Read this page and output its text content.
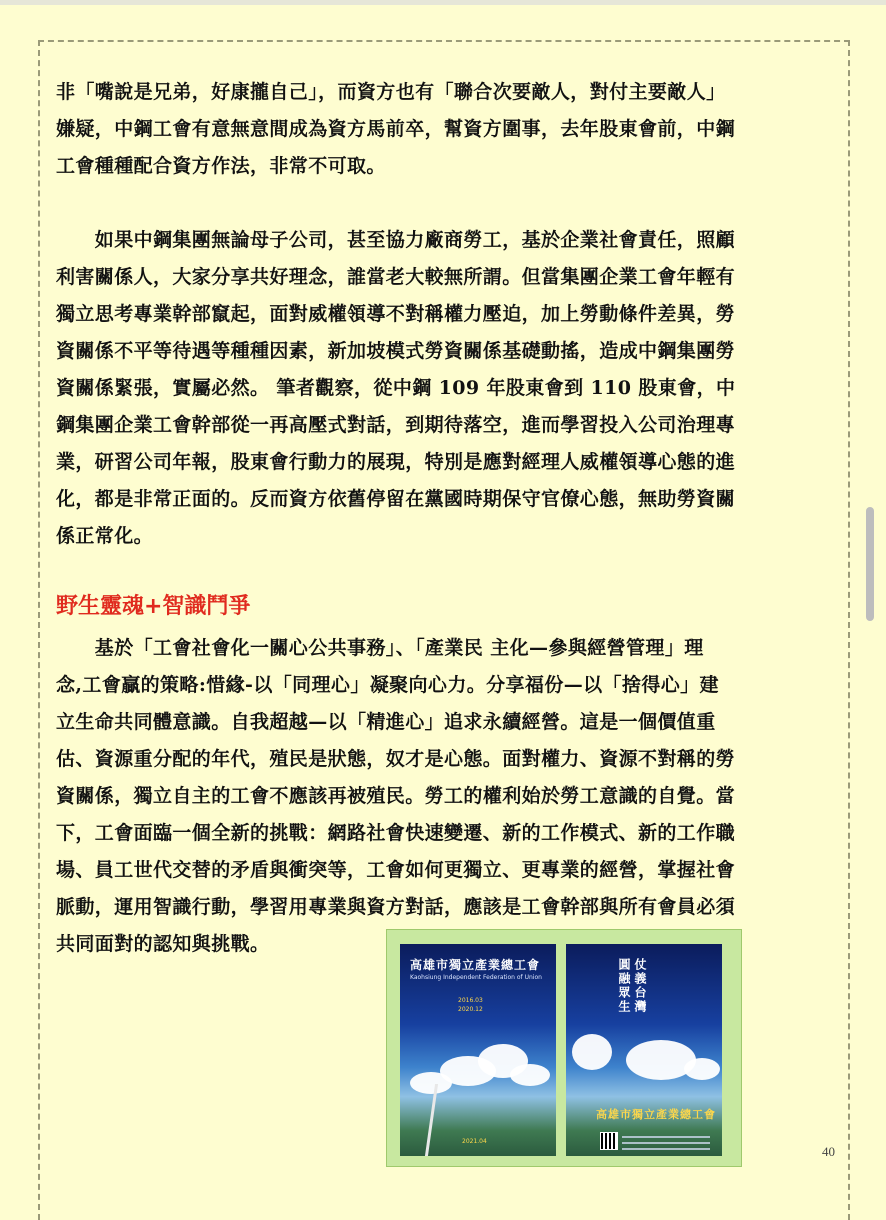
非「嘴說是兄弟，好康攏自己」，而資方也有「聯合次要敵人，對付主要敵人」
嫌疑，中鋼工會有意無意間成為資方馬前卒，幫資方圍事，去年股東會前，中鋼
工會種種配合資方作法，非常不可取。

　　如果中鋼集團無論母子公司，甚至協力廠商勞工，基於企業社會責任，照顧
利害關係人，大家分享共好理念，誰當老大較無所謂。但當集團企業工會年輕有
獨立思考專業幹部竄起，面對威權領導不對稱權力壓迫，加上勞動條件差異，勞
資關係不平等待遇等種種因素，新加坡模式勞資關係基礎動搖，造成中鋼集團勞
資關係緊張，實屬必然。 筆者觀察，從中鋼 109 年股東會到 110 股東會，中
鋼集團企業工會幹部從一再高壓式對話，到期待落空，進而學習投入公司治理專
業，研習公司年報，股東會行動力的展現，特別是應對經理人威權領導心態的進
化，都是非常正面的。反而資方依舊停留在黨國時期保守官僚心態，無助勞資關
係正常化。

野生靈魂+智識鬥爭

　　基於「工會社會化一關心公共事務」、「產業民 主化—參與經營管理」理
念,工會贏的策略:惜緣-以「同理心」凝聚向心力。分享福份—以「捨得心」建
立生命共同體意識。自我超越—以「精進心」追求永續經營。這是一個價值重
估、資源重分配的年代，殖民是狀態，奴才是心態。面對權力、資源不對稱的勞
資關係，獨立自主的工會不應該再被殖民。勞工的權利始於勞工意識的自覺。當
下，工會面臨一個全新的挑戰：網路社會快速變遷、新的工作模式、新的工作職
場、員工世代交替的矛盾與衝突等，工會如何更獨立、更專業的經營，掌握社會
脈動，運用智識行動，學習用專業與資方對話，應該是工會幹部與所有會員必須
共同面對的認知與挑戰。

高雄市獨立產業總工會
Kaohsiung Independent Federation of Union
2016.03
2020.12
2021.04
仗義台灣 圓融眾生
高雄市獨立產業總工會
40
